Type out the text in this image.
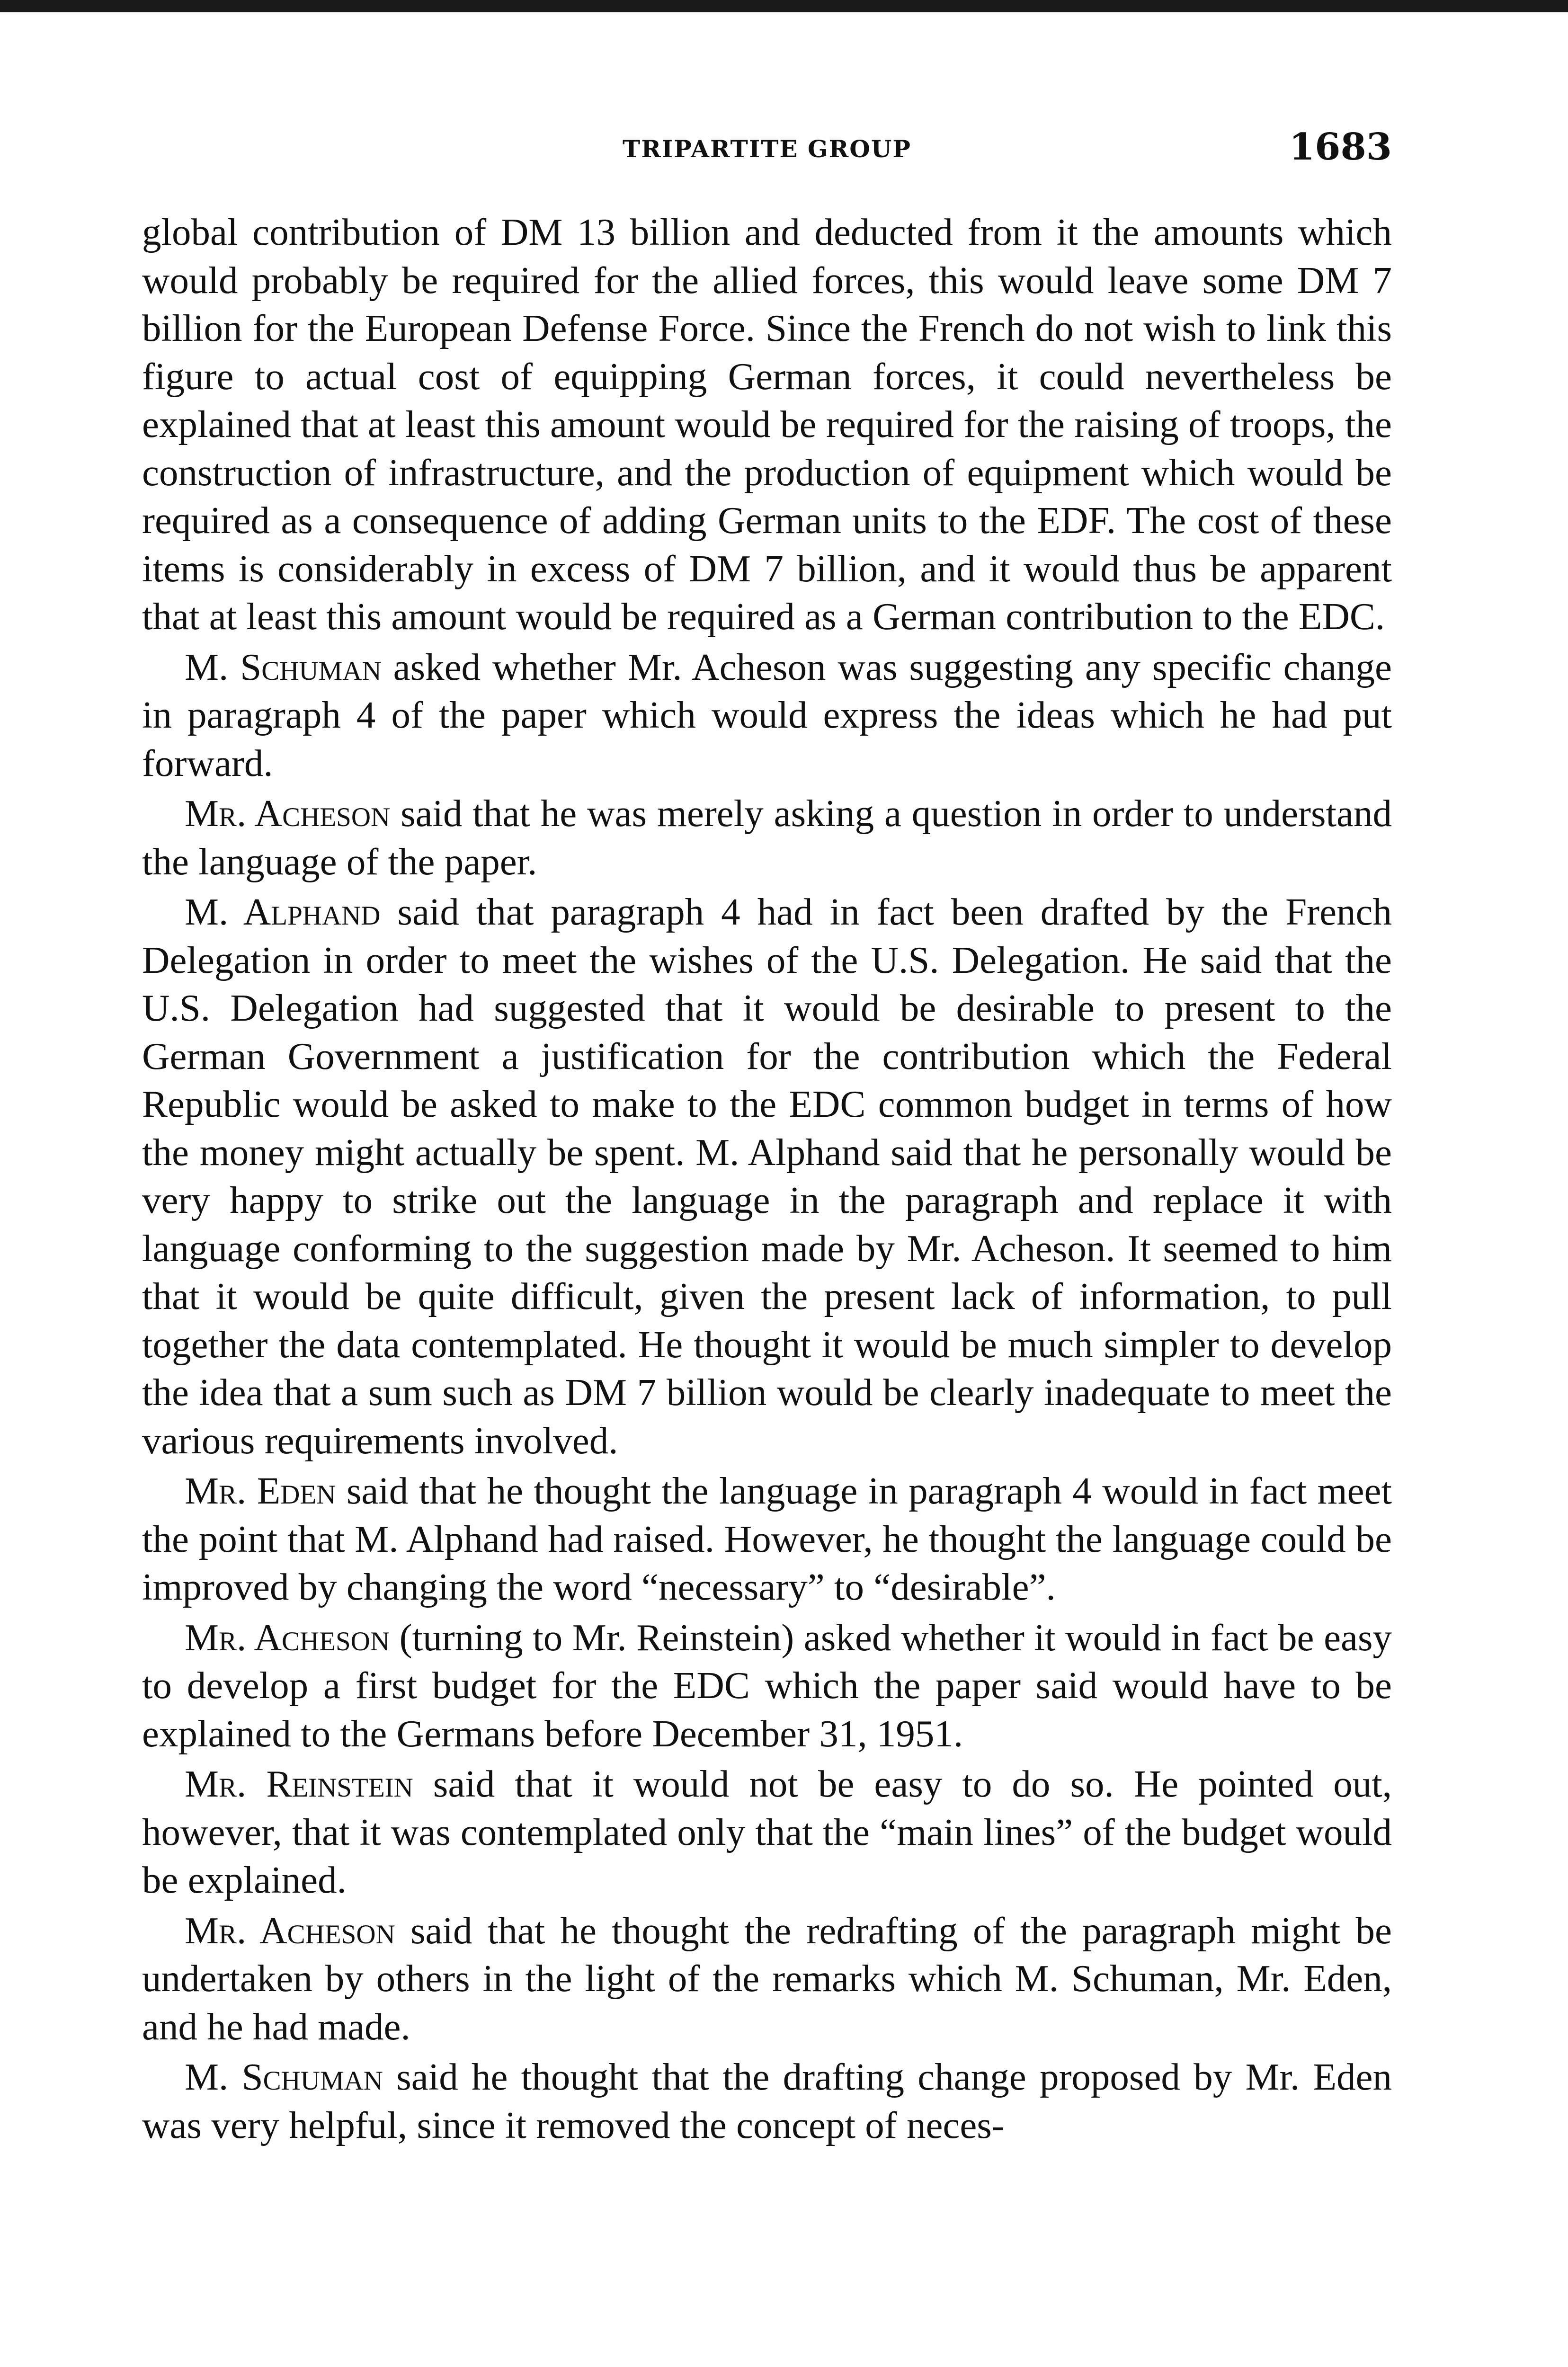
TRIPARTITE GROUP	1683

global contribution of DM 13 billion and deducted from it the amounts which would probably be required for the allied forces, this would leave some DM 7 billion for the European Defense Force. Since the French do not wish to link this figure to actual cost of equipping German forces, it could nevertheless be explained that at least this amount would be required for the raising of troops, the construction of infrastructure, and the production of equipment which would be required as a consequence of adding German units to the EDF. The cost of these items is considerably in excess of DM 7 billion, and it would thus be apparent that at least this amount would be required as a German contribution to the EDC.

M. Schuman asked whether Mr. Acheson was suggesting any specific change in paragraph 4 of the paper which would express the ideas which he had put forward.

Mr. Acheson said that he was merely asking a question in order to understand the language of the paper.

M. Alphand said that paragraph 4 had in fact been drafted by the French Delegation in order to meet the wishes of the U.S. Delegation. He said that the U.S. Delegation had suggested that it would be desirable to present to the German Government a justification for the contribution which the Federal Republic would be asked to make to the EDC common budget in terms of how the money might actually be spent. M. Alphand said that he personally would be very happy to strike out the language in the paragraph and replace it with language conforming to the suggestion made by Mr. Acheson. It seemed to him that it would be quite difficult, given the present lack of information, to pull together the data contemplated. He thought it would be much simpler to develop the idea that a sum such as DM 7 billion would be clearly inadequate to meet the various requirements involved.

Mr. Eden said that he thought the language in paragraph 4 would in fact meet the point that M. Alphand had raised. However, he thought the language could be improved by changing the word “necessary” to “desirable”.

Mr. Acheson (turning to Mr. Reinstein) asked whether it would in fact be easy to develop a first budget for the EDC which the paper said would have to be explained to the Germans before December 31, 1951.

Mr. Reinstein said that it would not be easy to do so. He pointed out, however, that it was contemplated only that the “main lines” of the budget would be explained.

Mr. Acheson said that he thought the redrafting of the paragraph might be undertaken by others in the light of the remarks which M. Schuman, Mr. Eden, and he had made.

M. Schuman said he thought that the drafting change proposed by Mr. Eden was very helpful, since it removed the concept of neces-
